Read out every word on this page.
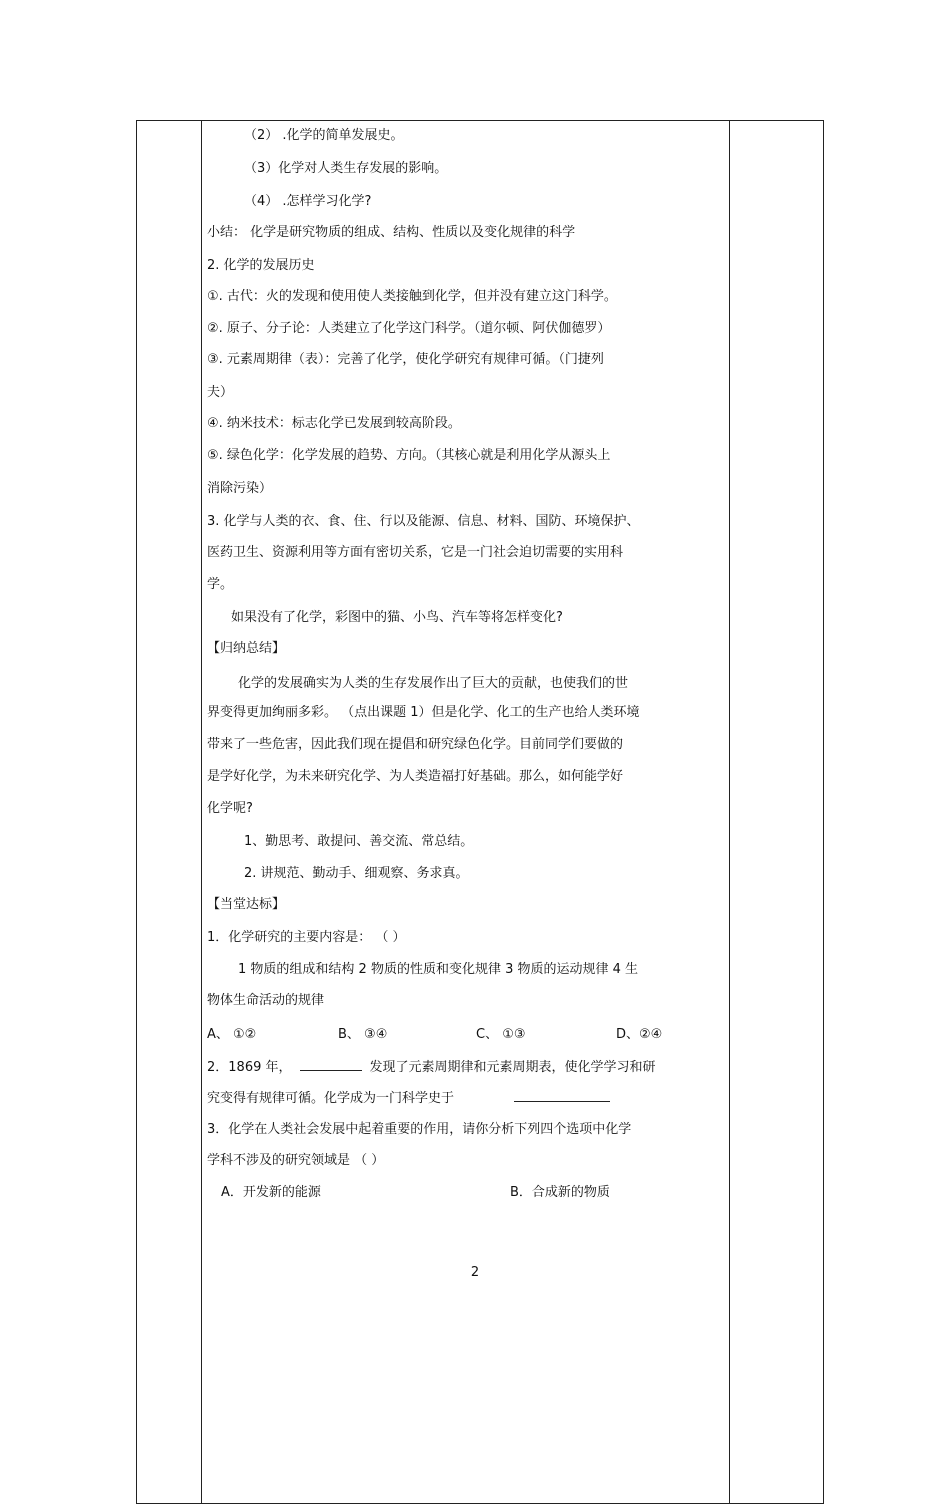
（2） .化学的简单发展史。
（3）化学对人类生存发展的影响。
（4） .怎样学习化学?
小结： 化学是研究物质的组成、结构、性质以及变化规律的科学
2. 化学的发展历史
①. 古代：火的发现和使用使人类接触到化学，但并没有建立这门科学。
②. 原子、分子论：人类建立了化学这门科学。（道尔顿、阿伏伽德罗）
③. 元素周期律（表）：完善了化学，使化学研究有规律可循。（门捷列
夫）
④. 纳米技术：标志化学已发展到较高阶段。
⑤. 绿色化学：化学发展的趋势、方向。（其核心就是利用化学从源头上
消除污染）
3. 化学与人类的衣、食、住、行以及能源、信息、材料、国防、环境保护、
医药卫生、资源利用等方面有密切关系，它是一门社会迫切需要的实用科
学。
如果没有了化学，彩图中的猫、小鸟、汽车等将怎样变化?
【归纳总结】
化学的发展确实为人类的生存发展作出了巨大的贡献，也使我们的世
界变得更加绚丽多彩。 （点出课题 1）但是化学、化工的生产也给人类环境
带来了一些危害，因此我们现在提倡和研究绿色化学。目前同学们要做的
是学好化学，为未来研究化学、为人类造福打好基础。那么，如何能学好
化学呢?
1、勤思考、敢提问、善交流、常总结。
2. 讲规范、勤动手、细观察、务求真。
【当堂达标】
1．化学研究的主要内容是： （ ）
1 物质的组成和结构 2 物质的性质和变化规律 3 物质的运动规律 4 生
物体生命活动的规律
A、 ①②	B、 ③④	C、 ①③	D、②④
2．1869 年，	发现了元素周期律和元素周期表，使化学学习和研
究变得有规律可循。化学成为一门科学史于
3．化学在人类社会发展中起着重要的作用，请你分析下列四个选项中化学
学科不涉及的研究领域是 （ ）
A．开发新的能源	B．合成新的物质
2
